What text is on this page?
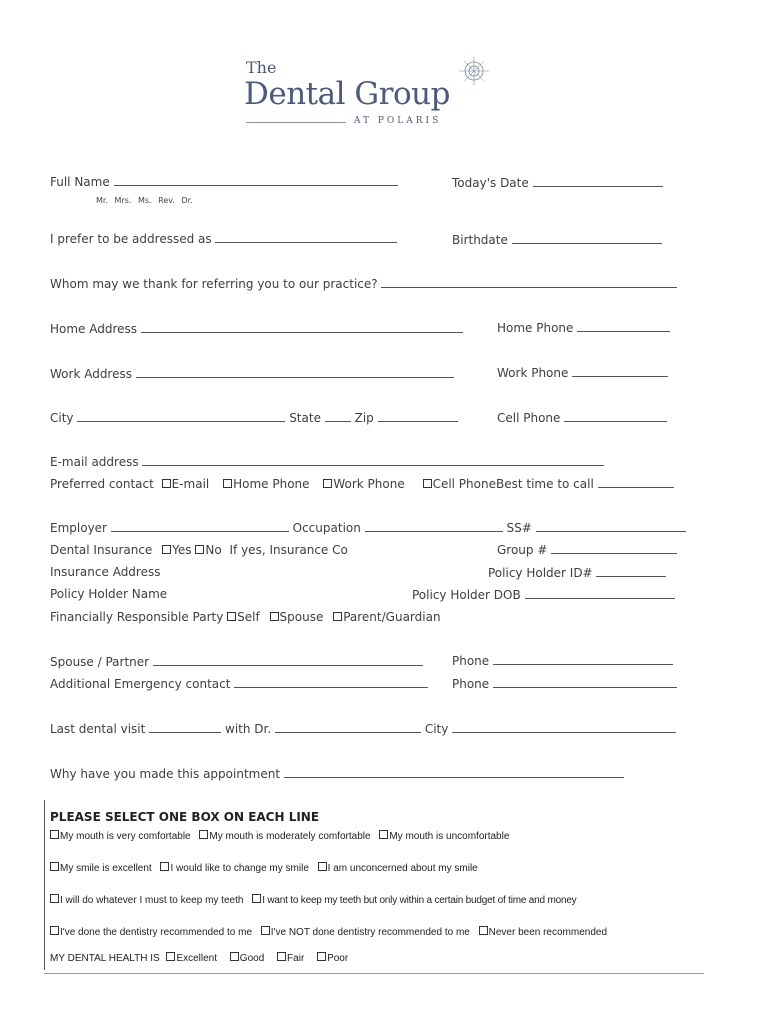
The
Dental Group
AT POLARIS
Full Name	Today's Date
Mr. Mrs. Ms. Rev. Dr.
I prefer to be addressed as	Birthdate
Whom may we thank for referring you to our practice?
Home Address	Home Phone
Work Address	Work Phone
City	State	Zip	Cell Phone
E-mail address
Preferred contact E-mail Home Phone Work Phone Cell Phone Best time to call
Employer	Occupation	SS#
Dental Insurance Yes No If yes, Insurance Co	Group #
Insurance Address	Policy Holder ID#
Policy Holder Name	Policy Holder DOB
Financially Responsible Party Self Spouse Parent/Guardian
Spouse / Partner	Phone
Additional Emergency contact	Phone
Last dental visit	with Dr.	City
Why have you made this appointment
PLEASE SELECT ONE BOX ON EACH LINE
My mouth is very comfortable My mouth is moderately comfortable My mouth is uncomfortable
My smile is excellent I would like to change my smile I am unconcerned about my smile
I will do whatever I must to keep my teeth I want to keep my teeth but only within a certain budget of time and money
I've done the dentistry recommended to me I've NOT done dentistry recommended to me Never been recommended
MY DENTAL HEALTH IS Excellent Good Fair Poor
